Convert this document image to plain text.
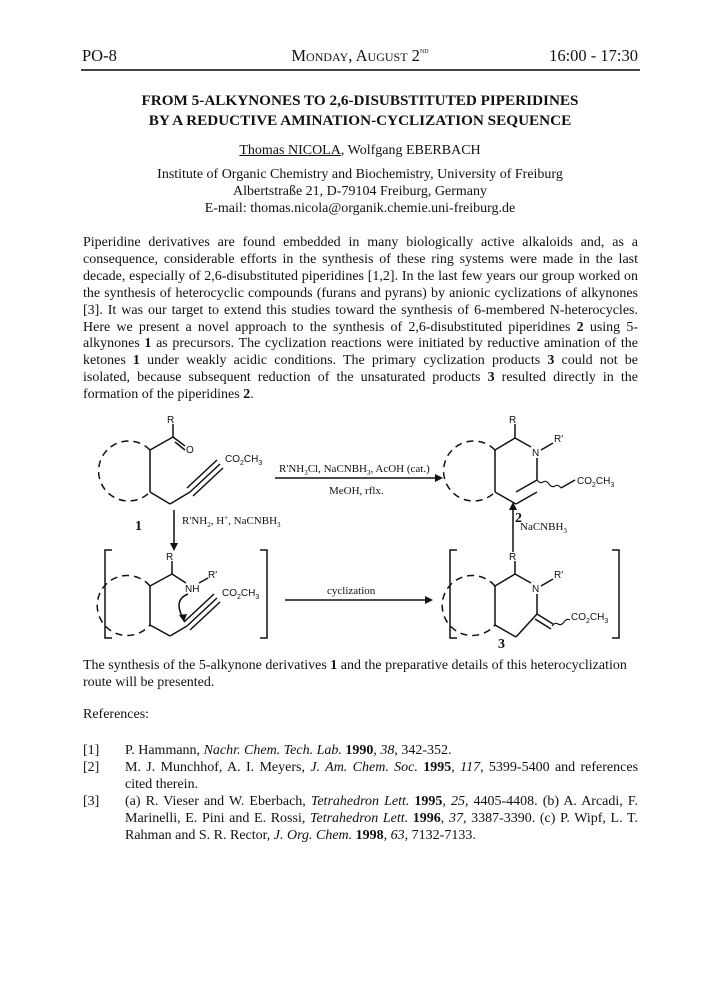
PO-8	Monday, August 2nd	16:00 - 17:30
FROM 5-ALKYNONES TO 2,6-DISUBSTITUTED PIPERIDINES
BY A REDUCTIVE AMINATION-CYCLIZATION SEQUENCE
Thomas NICOLA, Wolfgang EBERBACH
Institute of Organic Chemistry and Biochemistry, University of Freiburg
Albertstraße 21, D-79104 Freiburg, Germany
E-mail: thomas.nicola@organik.chemie.uni-freiburg.de
Piperidine derivatives are found embedded in many biologically active alkaloids and, as a consequence, considerable efforts in the synthesis of these ring systems were made in the last decade, especially of 2,6-disubstituted piperidines [1,2]. In the last few years our group worked on the synthesis of heterocyclic compounds (furans and pyrans) by anionic cyclizations of alkynones [3]. It was our target to extend this studies toward the synthesis of 6-membered N-heterocycles. Here we present a novel approach to the synthesis of 2,6-disubstituted piperidines 2 using 5-alkynones 1 as precursors. The cyclization reactions were initiated by reductive amination of the ketones 1 under weakly acidic conditions. The primary cyclization products 3 could not be isolated, because subsequent reduction of the unsaturated products 3 resulted directly in the formation of the piperidines 2.
R
O
$CO_2CH_3$
1
$R'NH_3Cl$, NaCNBH$_3$, AcOH (cat.)
MeOH, rflx.
R
N
R'
$CO_2CH_3$
2
$R'NH_2$, H+, NaCNBH$_3$	NaCNBH$_3$
R
NH
R'
$CO_2CH_3$
cyclization
R
N
R'
$CO_2CH_3$
3
The synthesis of the 5-alkynone derivatives 1 and the preparative details of this heterocyclization route will be presented.
References:
[1] P. Hammann, Nachr. Chem. Tech. Lab. 1990, 38, 342-352.
[2] M. J. Munchhof, A. I. Meyers, J. Am. Chem. Soc. 1995, 117, 5399-5400 and references cited therein.
[3] (a) R. Vieser and W. Eberbach, Tetrahedron Lett. 1995, 25, 4405-4408. (b) A. Arcadi, F. Marinelli, E. Pini and E. Rossi, Tetrahedron Lett. 1996, 37, 3387-3390. (c) P. Wipf, L. T. Rahman and S. R. Rector, J. Org. Chem. 1998, 63, 7132-7133.
